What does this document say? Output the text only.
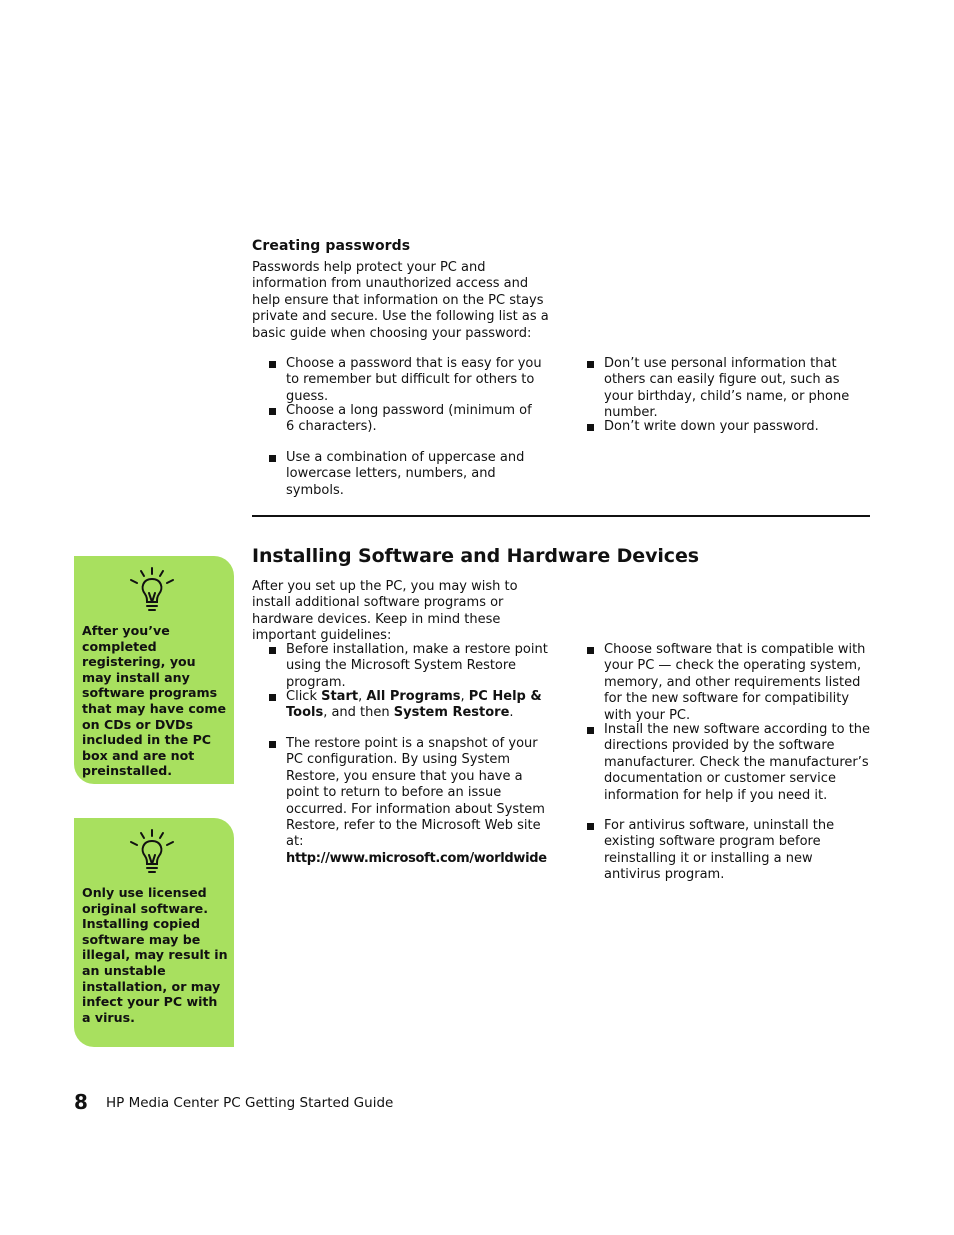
Creating passwords
Passwords help protect your PC and information from unauthorized access and help ensure that information on the PC stays private and secure. Use the following list as a basic guide when choosing your password:
Choose a password that is easy for you to remember but difficult for others to guess.
Choose a long password (minimum of 6 characters).
Use a combination of uppercase and lowercase letters, numbers, and symbols.
Don’t use personal information that others can easily figure out, such as your birthday, child’s name, or phone number.
Don’t write down your password.
Installing Software and Hardware Devices
After you set up the PC, you may wish to install additional software programs or hardware devices. Keep in mind these important guidelines:
Before installation, make a restore point using the Microsoft System Restore program.
Click Start, All Programs, PC Help & Tools, and then System Restore.
The restore point is a snapshot of your PC configuration. By using System Restore, you ensure that you have a point to return to before an issue occurred. For information about System Restore, refer to the Microsoft Web site at:
http://www.microsoft.com/worldwide
Choose software that is compatible with your PC — check the operating system, memory, and other requirements listed for the new software for compatibility with your PC.
Install the new software according to the directions provided by the software manufacturer. Check the manufacturer’s documentation or customer service information for help if you need it.
For antivirus software, uninstall the existing software program before reinstalling it or installing a new antivirus program.
After you’ve completed registering, you may install any software programs that may have come on CDs or DVDs included in the PC box and are not preinstalled.
Only use licensed original software. Installing copied software may be illegal, may result in an unstable installation, or may infect your PC with a virus.
8 HP Media Center PC Getting Started Guide
